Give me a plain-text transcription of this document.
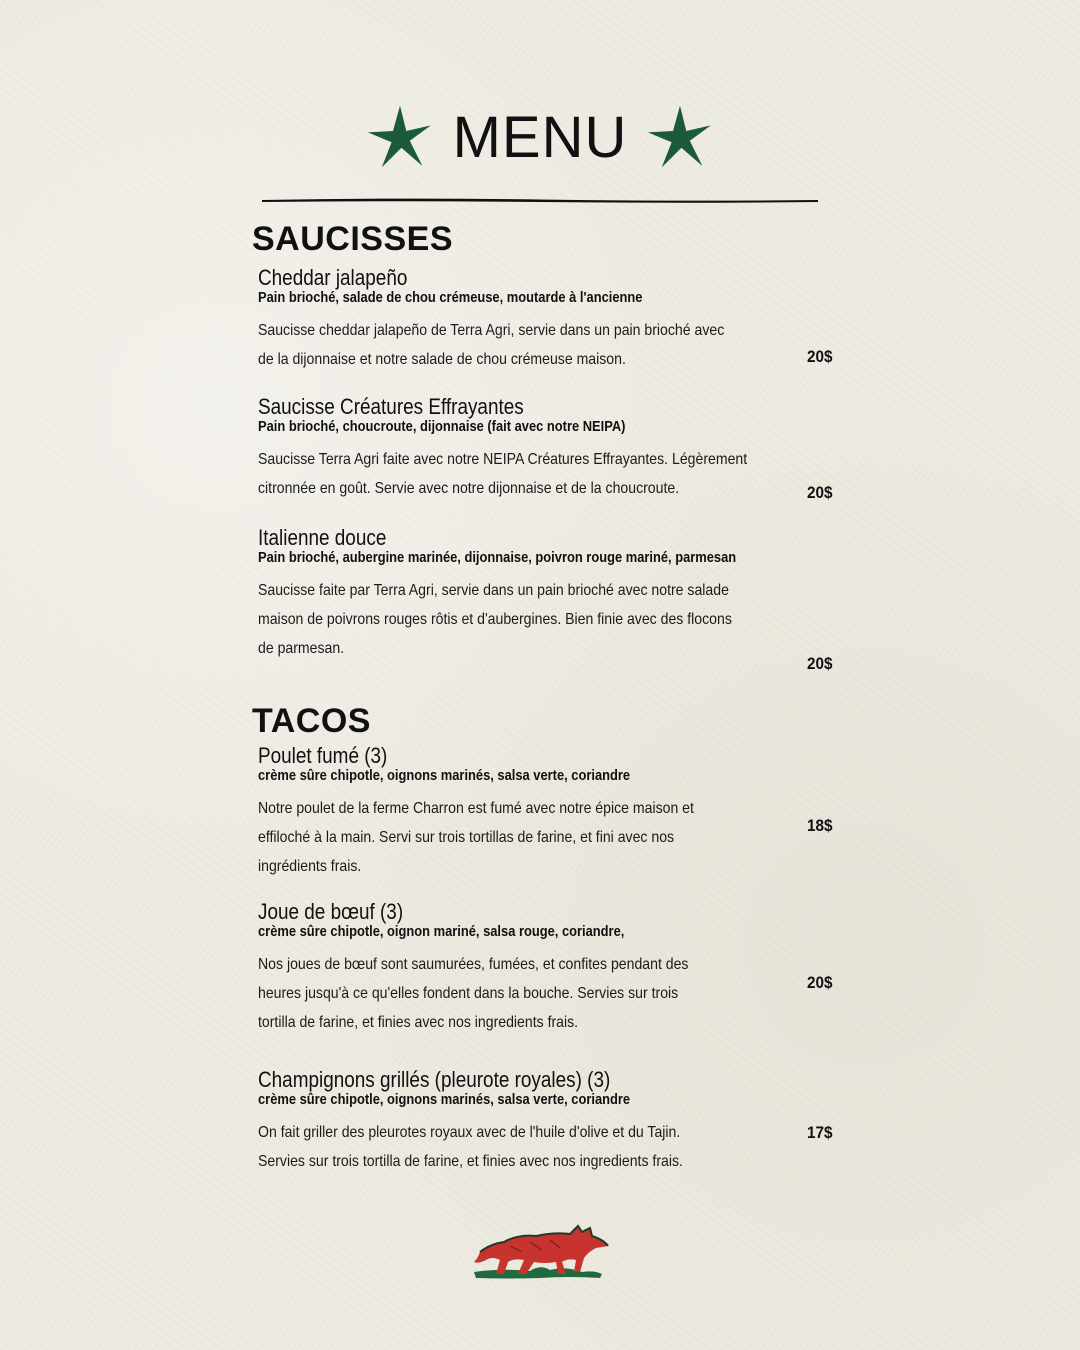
MENU
SAUCISSES
Cheddar jalapeño
Pain brioché, salade de chou crémeuse, moutarde à l'ancienne
Saucisse cheddar jalapeño de Terra Agri, servie dans un pain brioché avec
de la dijonnaise et notre salade de chou crémeuse maison.	20$
Saucisse Créatures Effrayantes
Pain brioché, choucroute, dijonnaise (fait avec notre NEIPA)
Saucisse Terra Agri faite avec notre NEIPA Créatures Effrayantes. Légèrement
citronnée en goût. Servie avec notre dijonnaise et de la choucroute.	20$
Italienne douce
Pain brioché, aubergine marinée, dijonnaise, poivron rouge mariné, parmesan
Saucisse faite par Terra Agri, servie dans un pain brioché avec notre salade
maison de poivrons rouges rôtis et d'aubergines. Bien finie avec des flocons
de parmesan.
20$
TACOS
Poulet fumé (3)
crème sûre chipotle, oignons marinés, salsa verte, coriandre
Notre poulet de la ferme Charron est fumé avec notre épice maison et
effiloché à la main. Servi sur trois tortillas de farine, et fini avec nos
ingrédients frais.
18$
Joue de bœuf (3)
crème sûre chipotle, oignon mariné, salsa rouge, coriandre,
Nos joues de bœuf sont saumurées, fumées, et confites pendant des
heures jusqu'à ce qu'elles fondent dans la bouche. Servies sur trois
tortilla de farine, et finies avec nos ingredients frais.
20$
Champignons grillés (pleurote royales) (3)
crème sûre chipotle, oignons marinés, salsa verte, coriandre
On fait griller des pleurotes royaux avec de l'huile d'olive et du Tajin.
Servies sur trois tortilla de farine, et finies avec nos ingredients frais.
17$
